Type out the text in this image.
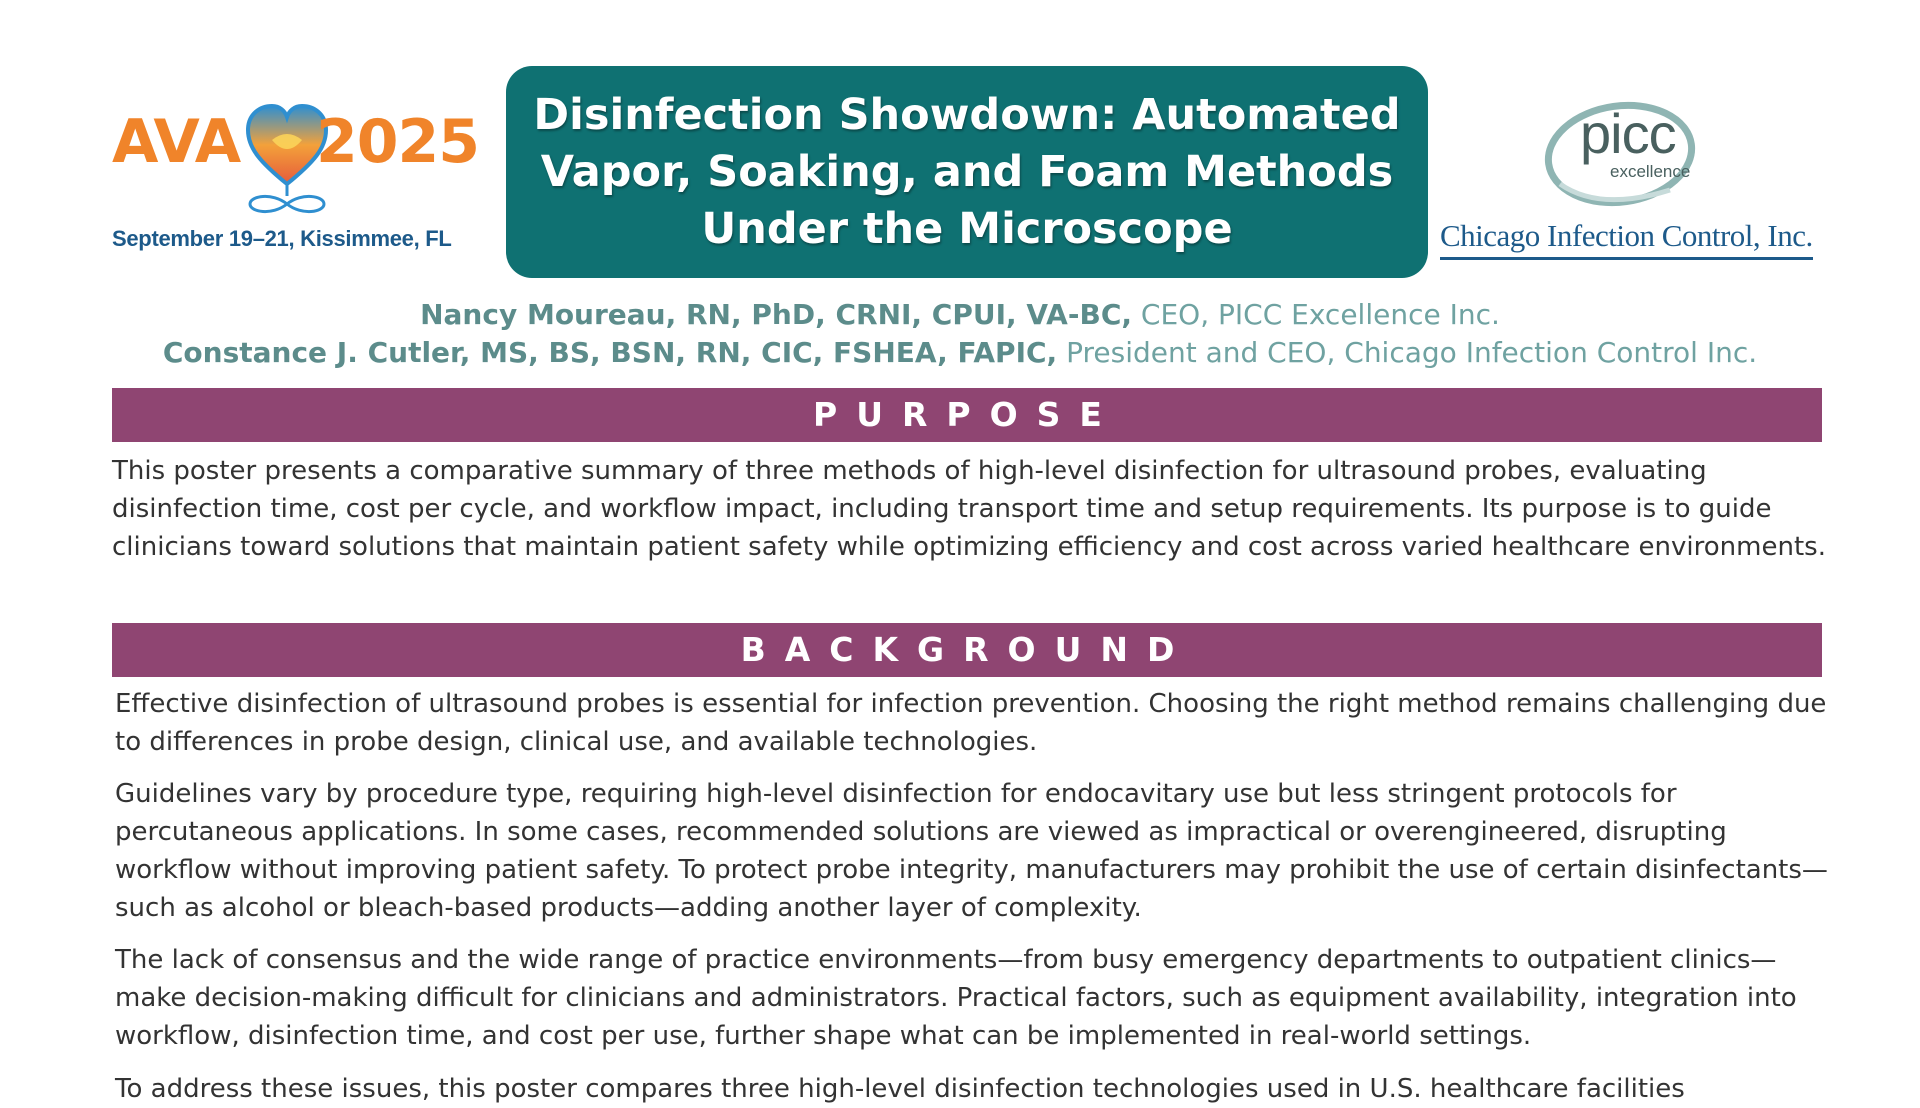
AVA 2025
September 19–21, Kissimmee, FL
Disinfection Showdown: Automated
Vapor, Soaking, and Foam Methods
Under the Microscope
picc
excellence
Chicago Infection Control, Inc.
Nancy Moureau, RN, PhD, CRNI, CPUI, VA-BC, CEO, PICC Excellence Inc.
Constance J. Cutler, MS, BS, BSN, RN, CIC, FSHEA, FAPIC, President and CEO, Chicago Infection Control Inc.
PURPOSE

This poster presents a comparative summary of three methods of high-level disinfection for ultrasound probes, evaluating disinfection time, cost per cycle, and workflow impact, including transport time and setup requirements. Its purpose is to guide clinicians toward solutions that maintain patient safety while optimizing efficiency and cost across varied healthcare environments.

BACKGROUND

Effective disinfection of ultrasound probes is essential for infection prevention. Choosing the right method remains challenging due to differences in probe design, clinical use, and available technologies.

Guidelines vary by procedure type, requiring high-level disinfection for endocavitary use but less stringent protocols for percutaneous applications. In some cases, recommended solutions are viewed as impractical or overengineered, disrupting workflow without improving patient safety. To protect probe integrity, manufacturers may prohibit the use of certain disinfectants—such as alcohol or bleach-based products—adding another layer of complexity.

The lack of consensus and the wide range of practice environments—from busy emergency departments to outpatient clinics—make decision-making difficult for clinicians and administrators. Practical factors, such as equipment availability, integration into workflow, disinfection time, and cost per use, further shape what can be implemented in real-world settings.

To address these issues, this poster compares three high-level disinfection technologies used in U.S. healthcare facilities
